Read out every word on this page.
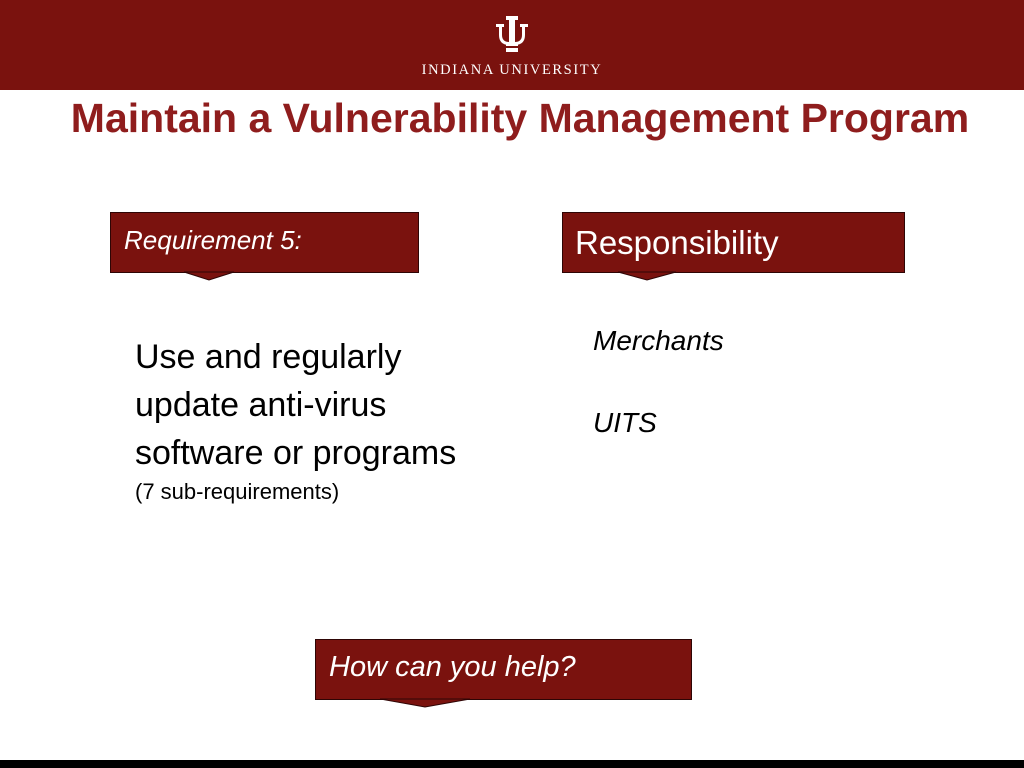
INDIANA UNIVERSITY
Maintain a Vulnerability Management Program
Requirement 5:	Responsibility
Use and regularly update anti-virus software or programs
(7 sub-requirements)
Merchants
UITS
How can you help?
